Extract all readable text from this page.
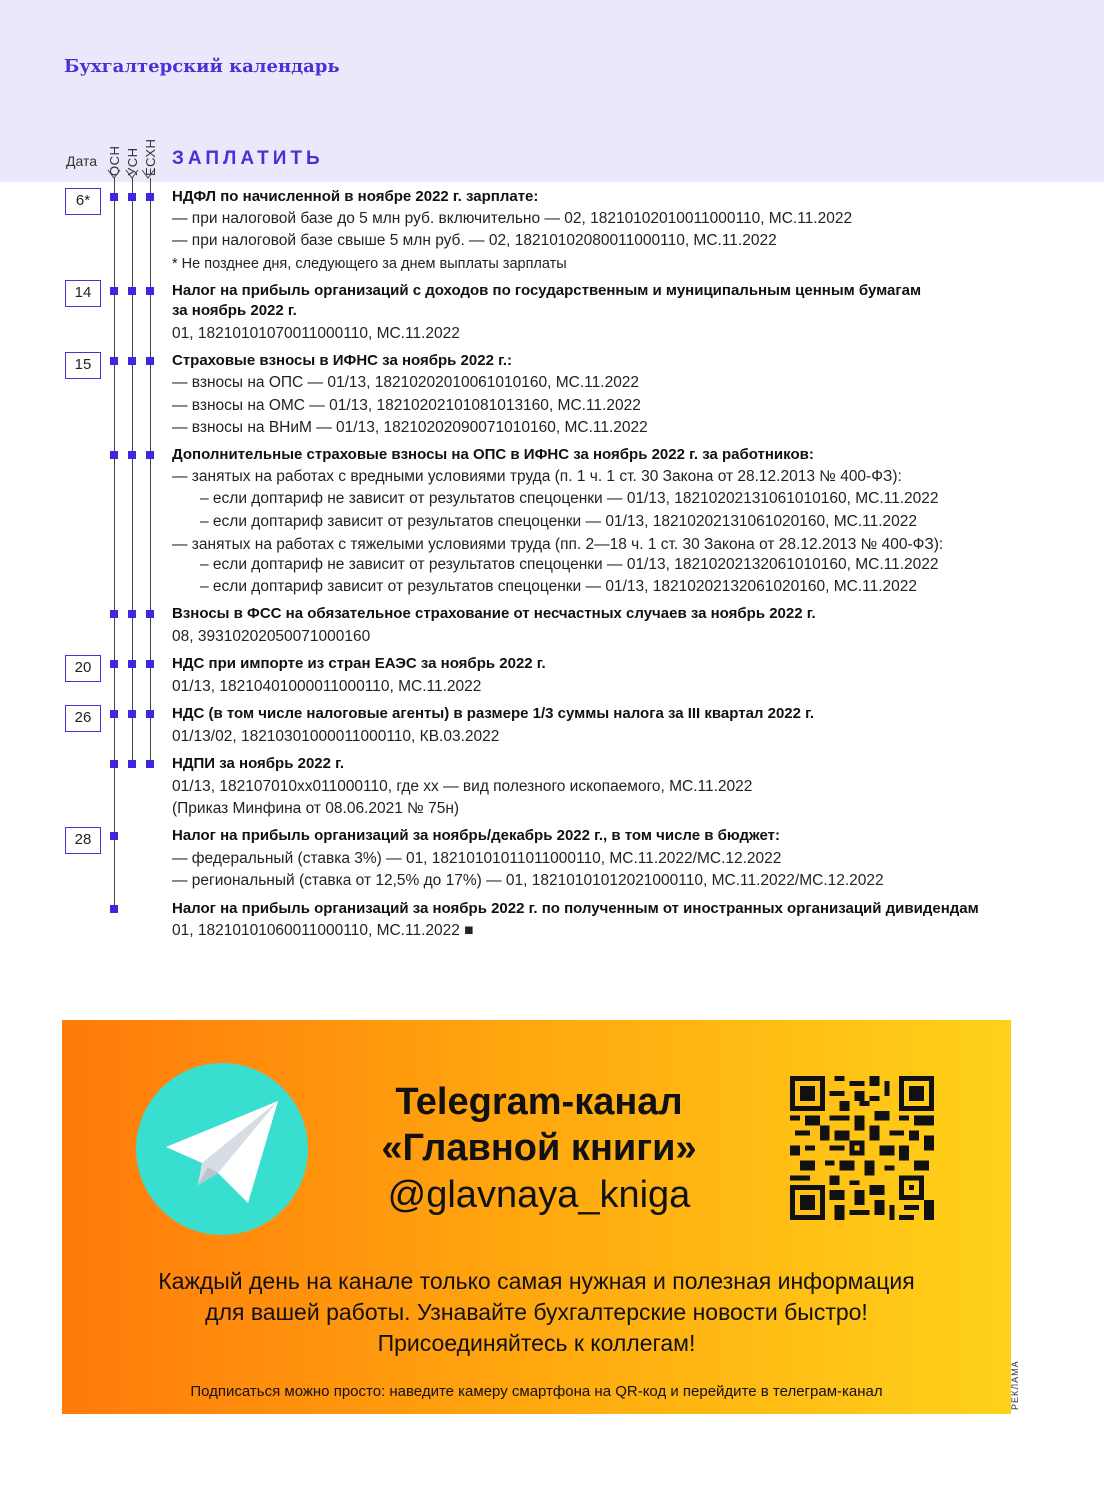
Бухгалтерский календарь
Дата ОСН УСН ЕСХН ЗАПЛАТИТЬ
6*
14
15
20
26
28
НДФЛ по начисленной в ноябре 2022 г. зарплате:
— при налоговой базе до 5 млн руб. включительно — 02, 18210102010011000110, МС.11.2022
— при налоговой базе свыше 5 млн руб. — 02, 18210102080011000110, МС.11.2022
* Не позднее дня, следующего за днем выплаты зарплаты
Налог на прибыль организаций с доходов по государственным и муниципальным ценным бумагам
за ноябрь 2022 г.
01, 18210101070011000110, МС.11.2022
Страховые взносы в ИФНС за ноябрь 2022 г.:
— взносы на ОПС — 01/13, 18210202010061010160, МС.11.2022
— взносы на ОМС — 01/13, 18210202101081013160, МС.11.2022
— взносы на ВНиМ — 01/13, 18210202090071010160, МС.11.2022
Дополнительные страховые взносы на ОПС в ИФНС за ноябрь 2022 г. за работников:
— занятых на работах с вредными условиями труда (п. 1 ч. 1 ст. 30 Закона от 28.12.2013 № 400-ФЗ):
– если доптариф не зависит от результатов спецоценки — 01/13, 18210202131061010160, МС.11.2022
– если доптариф зависит от результатов спецоценки — 01/13, 18210202131061020160, МС.11.2022
— занятых на работах с тяжелыми условиями труда (пп. 2—18 ч. 1 ст. 30 Закона от 28.12.2013 № 400-ФЗ):
– если доптариф не зависит от результатов спецоценки — 01/13, 18210202132061010160, МС.11.2022
– если доптариф зависит от результатов спецоценки — 01/13, 18210202132061020160, МС.11.2022
Взносы в ФСС на обязательное страхование от несчастных случаев за ноябрь 2022 г.
08, 39310202050071000160
НДС при импорте из стран ЕАЭС за ноябрь 2022 г.
01/13, 18210401000011000110, МС.11.2022
НДС (в том числе налоговые агенты) в размере 1/3 суммы налога за III квартал 2022 г.
01/13/02, 18210301000011000110, КВ.03.2022
НДПИ за ноябрь 2022 г.
01/13, 182107010xx011000110, где хх — вид полезного ископаемого, МС.11.2022
(Приказ Минфина от 08.06.2021 № 75н)
Налог на прибыль организаций за ноябрь/декабрь 2022 г., в том числе в бюджет:
— федеральный (ставка 3%) — 01, 18210101011011000110, МС.11.2022/МС.12.2022
— региональный (ставка от 12,5% до 17%) — 01, 18210101012021000110, МС.11.2022/МС.12.2022
Налог на прибыль организаций за ноябрь 2022 г. по полученным от иностранных организаций дивидендам
01, 18210101060011000110, МС.11.2022 ■
Telegram-канал
«Главной книги»
@glavnaya_kniga
Каждый день на канале только самая нужная и полезная информация
для вашей работы. Узнавайте бухгалтерские новости быстро!
Присоединяйтесь к коллегам!
Подписаться можно просто: наведите камеру смартфона на QR-код и перейдите в телеграм-канал	РЕКЛАМА
